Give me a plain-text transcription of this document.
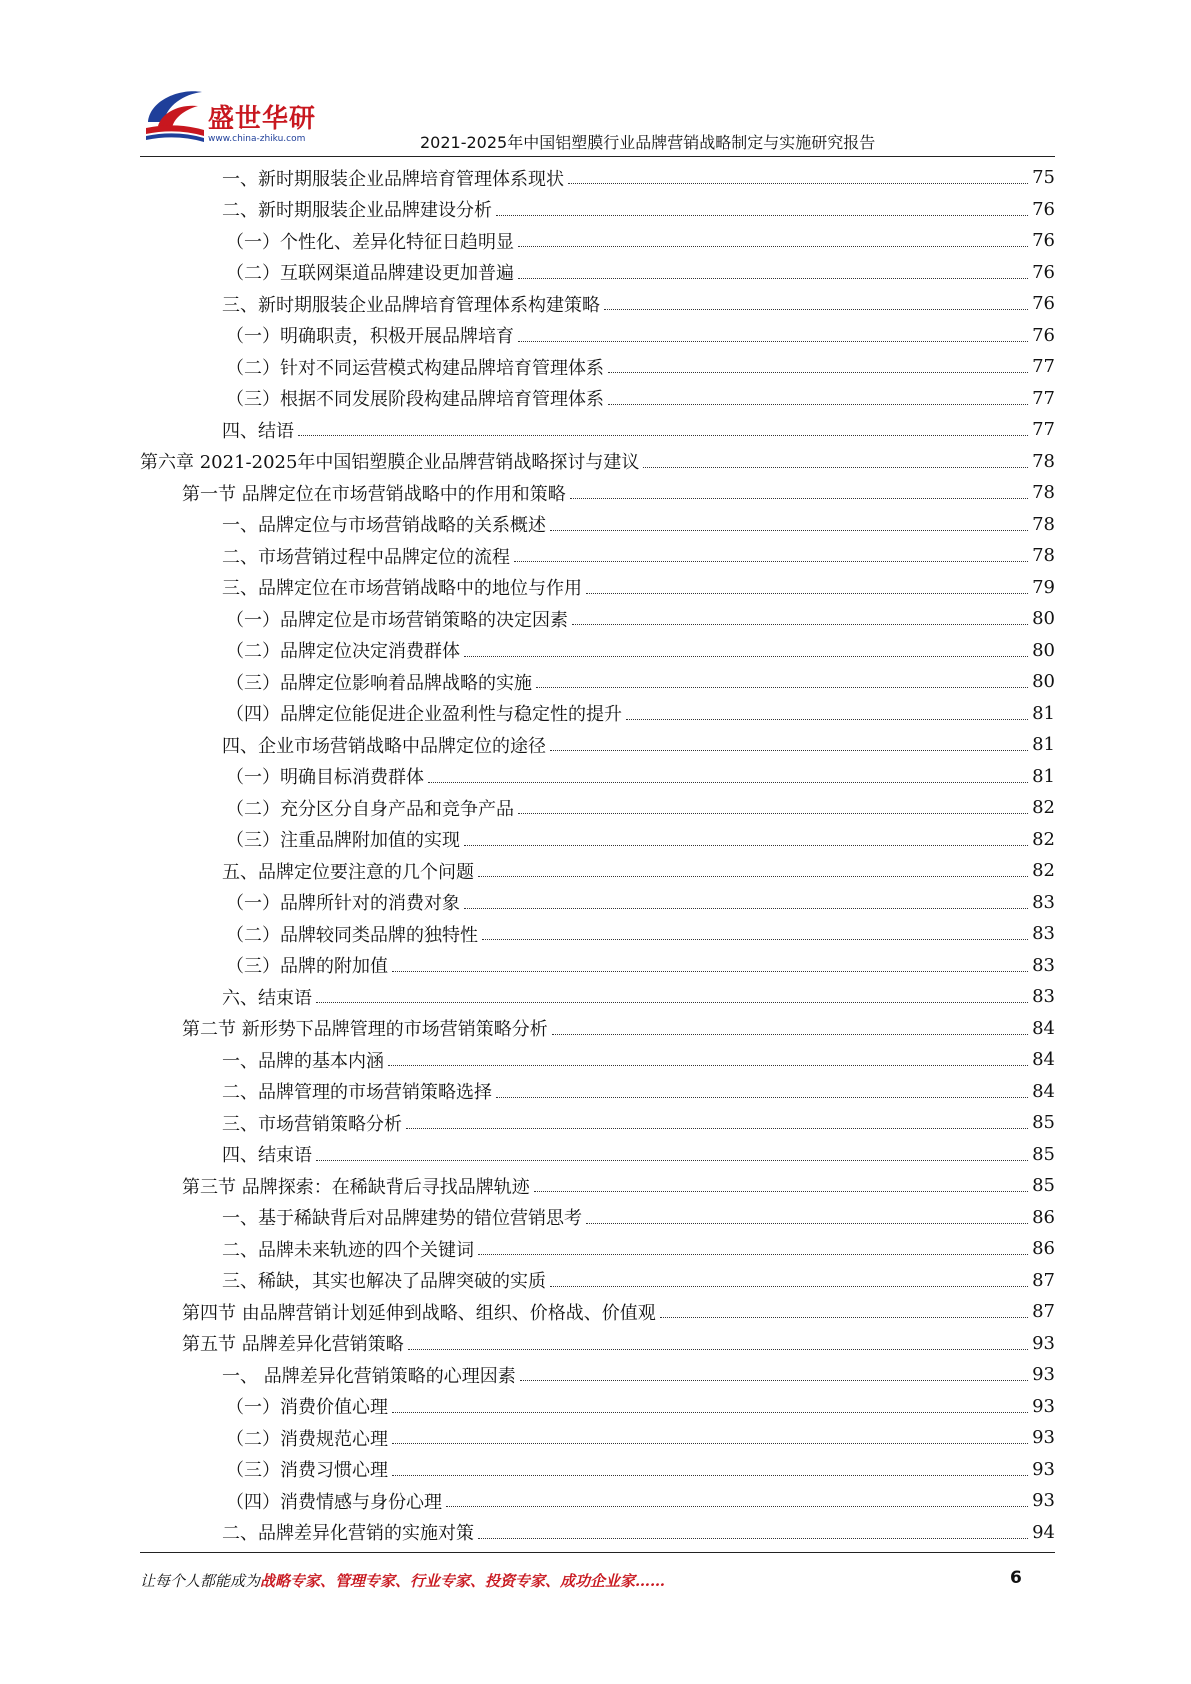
盛世华研
www.china-zhiku.com	2021-2025年中国铝塑膜行业品牌营销战略制定与实施研究报告
一、新时期服装企业品牌培育管理体系现状	75
二、新时期服装企业品牌建设分析	76
（一）个性化、差异化特征日趋明显	76
（二）互联网渠道品牌建设更加普遍	76
三、新时期服装企业品牌培育管理体系构建策略	76
（一）明确职责，积极开展品牌培育	76
（二）针对不同运营模式构建品牌培育管理体系	77
（三）根据不同发展阶段构建品牌培育管理体系	77
四、结语	77
第六章 2021-2025年中国铝塑膜企业品牌营销战略探讨与建议	78
第一节 品牌定位在市场营销战略中的作用和策略	78
一、品牌定位与市场营销战略的关系概述	78
二、市场营销过程中品牌定位的流程	78
三、品牌定位在市场营销战略中的地位与作用	79
（一）品牌定位是市场营销策略的决定因素	80
（二）品牌定位决定消费群体	80
（三）品牌定位影响着品牌战略的实施	80
（四）品牌定位能促进企业盈利性与稳定性的提升	81
四、企业市场营销战略中品牌定位的途径	81
（一）明确目标消费群体	81
（二）充分区分自身产品和竞争产品	82
（三）注重品牌附加值的实现	82
五、品牌定位要注意的几个问题	82
（一）品牌所针对的消费对象	83
（二）品牌较同类品牌的独特性	83
（三）品牌的附加值	83
六、结束语	83
第二节 新形势下品牌管理的市场营销策略分析	84
一、品牌的基本内涵	84
二、品牌管理的市场营销策略选择	84
三、市场营销策略分析	85
四、结束语	85
第三节 品牌探索：在稀缺背后寻找品牌轨迹	85
一、基于稀缺背后对品牌建势的错位营销思考	86
二、品牌未来轨迹的四个关键词	86
三、稀缺，其实也解决了品牌突破的实质	87
第四节 由品牌营销计划延伸到战略、组织、价格战、价值观	87
第五节 品牌差异化营销策略	93
一、 品牌差异化营销策略的心理因素	93
（一）消费价值心理	93
（二）消费规范心理	93
（三）消费习惯心理	93
（四）消费情感与身份心理	93
二、品牌差异化营销的实施对策	94
让每个人都能成为战略专家、管理专家、行业专家、投资专家、成功企业家……	6
